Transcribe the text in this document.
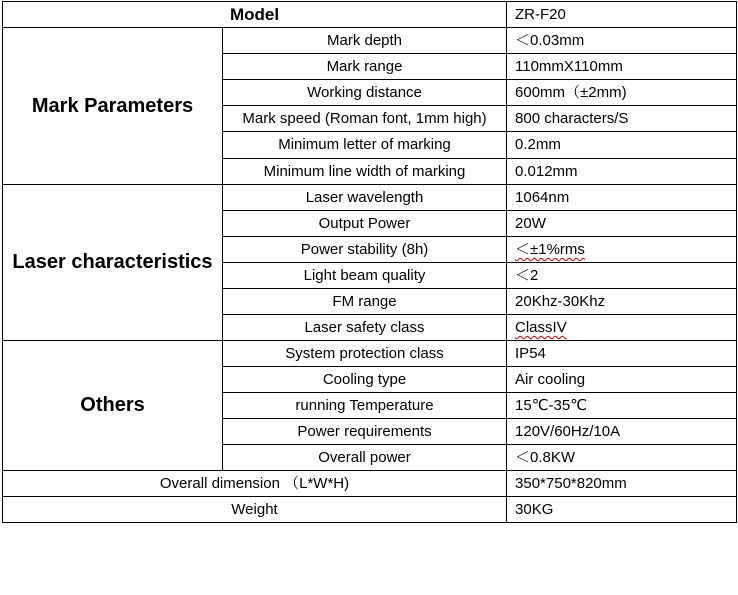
Model		ZR-F20
Mark Parameters	Mark depth	＜0.03mm
	Mark range	110mmX110mm
	Working distance	600mm（±2mm)
	Mark speed (Roman font, 1mm high)	800 characters/S
	Minimum letter of marking	0.2mm
	Minimum line width of marking	0.012mm
Laser characteristics	Laser wavelength	1064nm
	Output Power	20W
	Power stability (8h)	＜±1%rms
	Light beam quality	＜2
	FM range	20Khz-30Khz
	Laser safety class	ClassIV
Others	System protection class	IP54
	Cooling type	Air cooling
	running Temperature	15℃-35℃
	Power requirements	120V/60Hz/10A
	Overall power	＜0.8KW
Overall dimension （L*W*H)		350*750*820mm
Weight		30KG
